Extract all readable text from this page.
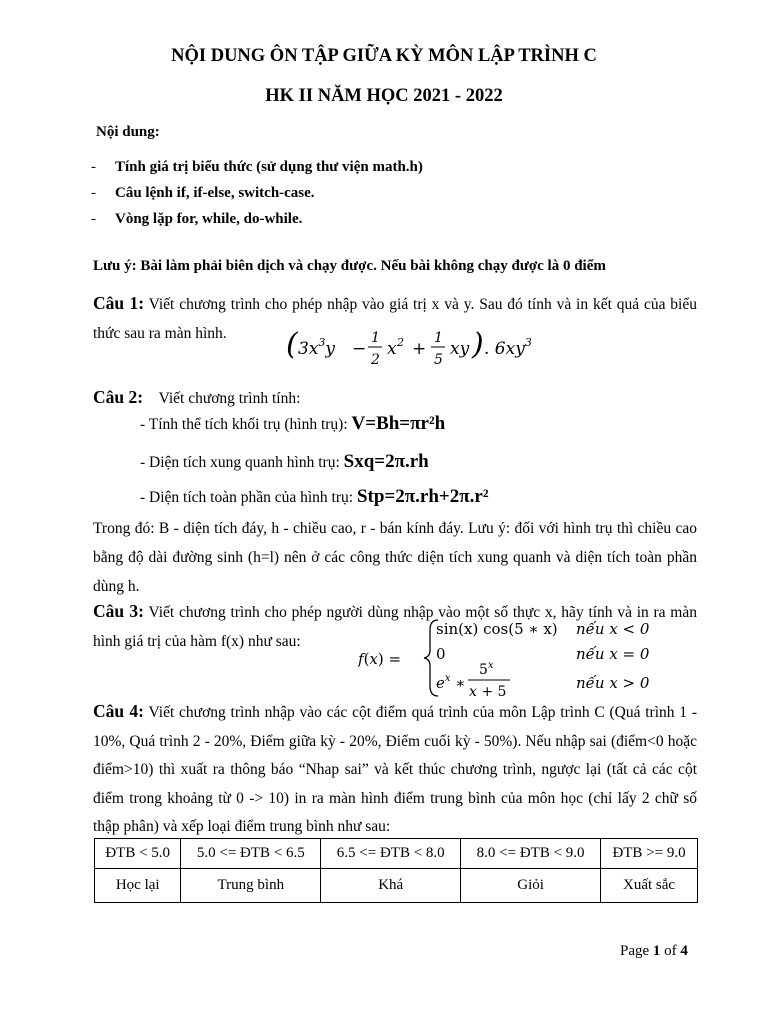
NỘI DUNG ÔN TẬP GIỮA KỲ MÔN LẬP TRÌNH C
HK II NĂM HỌC 2021 - 2022
Nội dung:
-	Tính giá trị biểu thức (sử dụng thư viện math.h)
-	Câu lệnh if, if-else, switch-case.
-	Vòng lặp for, while, do-while.
Lưu ý: Bài làm phải biên dịch và chạy được. Nếu bài không chạy được là 0 điểm
Câu 1: Viết chương trình cho phép nhập vào giá trị x và y. Sau đó tính và in kết quả của biểu thức sau ra màn hình.	( $3x^3y$ −
1
2
x 2 +
1
5
xy ) . $6xy^3$
Câu 2: Viết chương trình tính:
- Tính thể tích khối trụ (hình trụ): V=Bh=πr²h
- Diện tích xung quanh hình trụ: Sxq=2π.rh
- Diện tích toàn phần của hình trụ: Stp=2π.rh+2π.r²
Trong đó: B - diện tích đáy, h - chiều cao, r - bán kính đáy. Lưu ý: đối với hình trụ thì chiều cao bằng độ dài đường sinh (h=l) nên ở các công thức diện tích xung quanh và diện tích toàn phần dùng h.
Câu 3: Viết chương trình cho phép người dùng nhập vào một số thực x, hãy tính và in ra màn hình giá trị của hàm f(x) như sau:
f(x) =
sin(x) cos(5 ∗ x) nếu x < 0
0	nếu x = 0
$e^x$ ∗
5$^x$
x + 5	nếu x > 0
Câu 4: Viết chương trình nhập vào các cột điểm quá trình của môn Lập trình C (Quá trình 1 - 10%, Quá trình 2 - 20%, Điểm giữa kỳ - 20%, Điểm cuối kỳ - 50%). Nếu nhập sai (điểm<0 hoặc điểm>10) thì xuất ra thông báo “Nhap sai” và kết thúc chương trình, ngược lại (tất cả các cột điểm trong khoảng từ 0 -> 10) in ra màn hình điểm trung bình của môn học (chỉ lấy 2 chữ số thập phân) và xếp loại điểm trung bình như sau:
ĐTB < 5.0	5.0 <= ĐTB < 6.5	6.5 <= ĐTB < 8.0	8.0 <= ĐTB < 9.0	ĐTB >= 9.0
Học lại	Trung bình	Khá	Giỏi	Xuất sắc
Page 1 of 4
